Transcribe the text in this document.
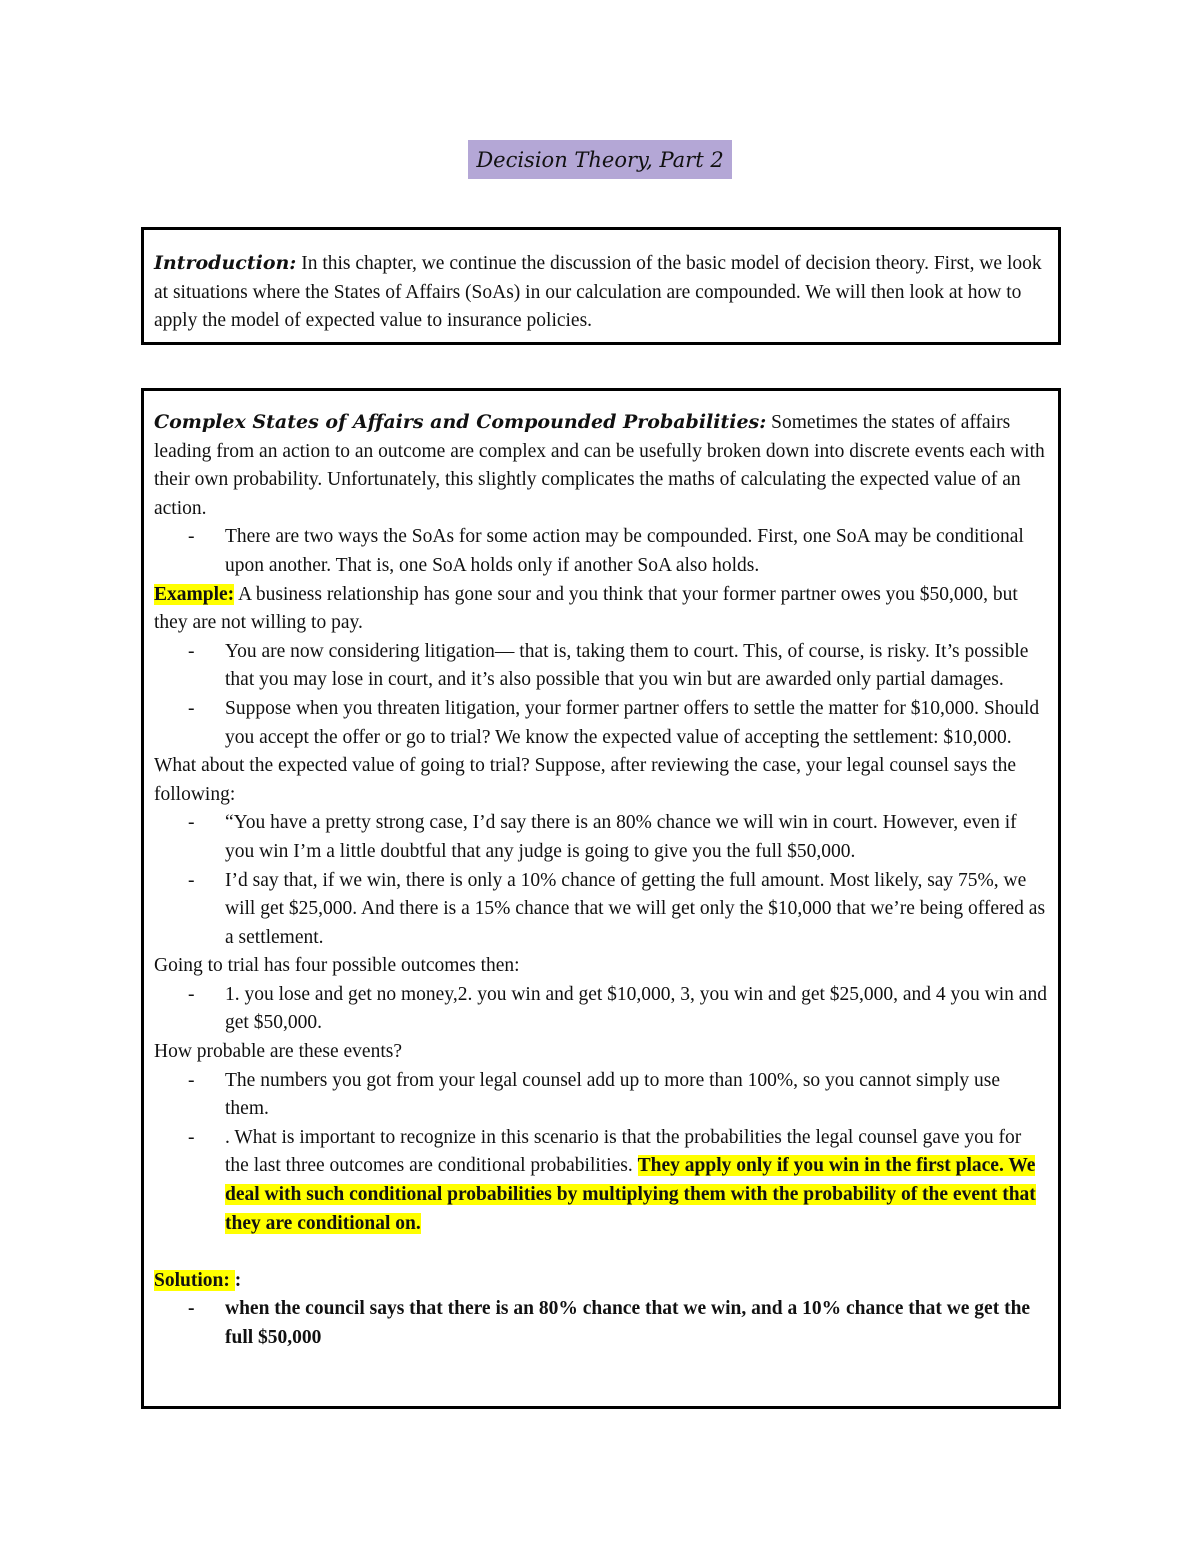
Decision Theory, Part 2

Introduction: In this chapter, we continue the discussion of the basic model of decision theory. First, we look at situations where the States of Affairs (SoAs) in our calculation are compounded. We will then look at how to apply the model of expected value to insurance policies.

Complex States of Affairs and Compounded Probabilities: Sometimes the states of affairs leading from an action to an outcome are complex and can be usefully broken down into discrete events each with their own probability. Unfortunately, this slightly complicates the maths of calculating the expected value of an action.

- There are two ways the SoAs for some action may be compounded. First, one SoA may be conditional upon another. That is, one SoA holds only if another SoA also holds.

Example: A business relationship has gone sour and you think that your former partner owes you $50,000, but they are not willing to pay.

- You are now considering litigation— that is, taking them to court. This, of course, is risky. It’s possible that you may lose in court, and it’s also possible that you win but are awarded only partial damages.
- Suppose when you threaten litigation, your former partner offers to settle the matter for $10,000. Should you accept the offer or go to trial? We know the expected value of accepting the settlement: $10,000.

What about the expected value of going to trial? Suppose, after reviewing the case, your legal counsel says the following:

- “You have a pretty strong case, I’d say there is an 80% chance we will win in court. However, even if you win I’m a little doubtful that any judge is going to give you the full $50,000.
- I’d say that, if we win, there is only a 10% chance of getting the full amount. Most likely, say 75%, we will get $25,000. And there is a 15% chance that we will get only the $10,000 that we’re being offered as a settlement.

Going to trial has four possible outcomes then:

- 1. you lose and get no money,2. you win and get $10,000, 3, you win and get $25,000, and 4 you win and get $50,000.

How probable are these events?

- The numbers you got from your legal counsel add up to more than 100%, so you cannot simply use them.
- . What is important to recognize in this scenario is that the probabilities the legal counsel gave you for the last three outcomes are conditional probabilities. They apply only if you win in the first place. We deal with such conditional probabilities by multiplying them with the probability of the event that they are conditional on.

Solution: :

- when the council says that there is an 80% chance that we win, and a 10% chance that we get the full $50,000
